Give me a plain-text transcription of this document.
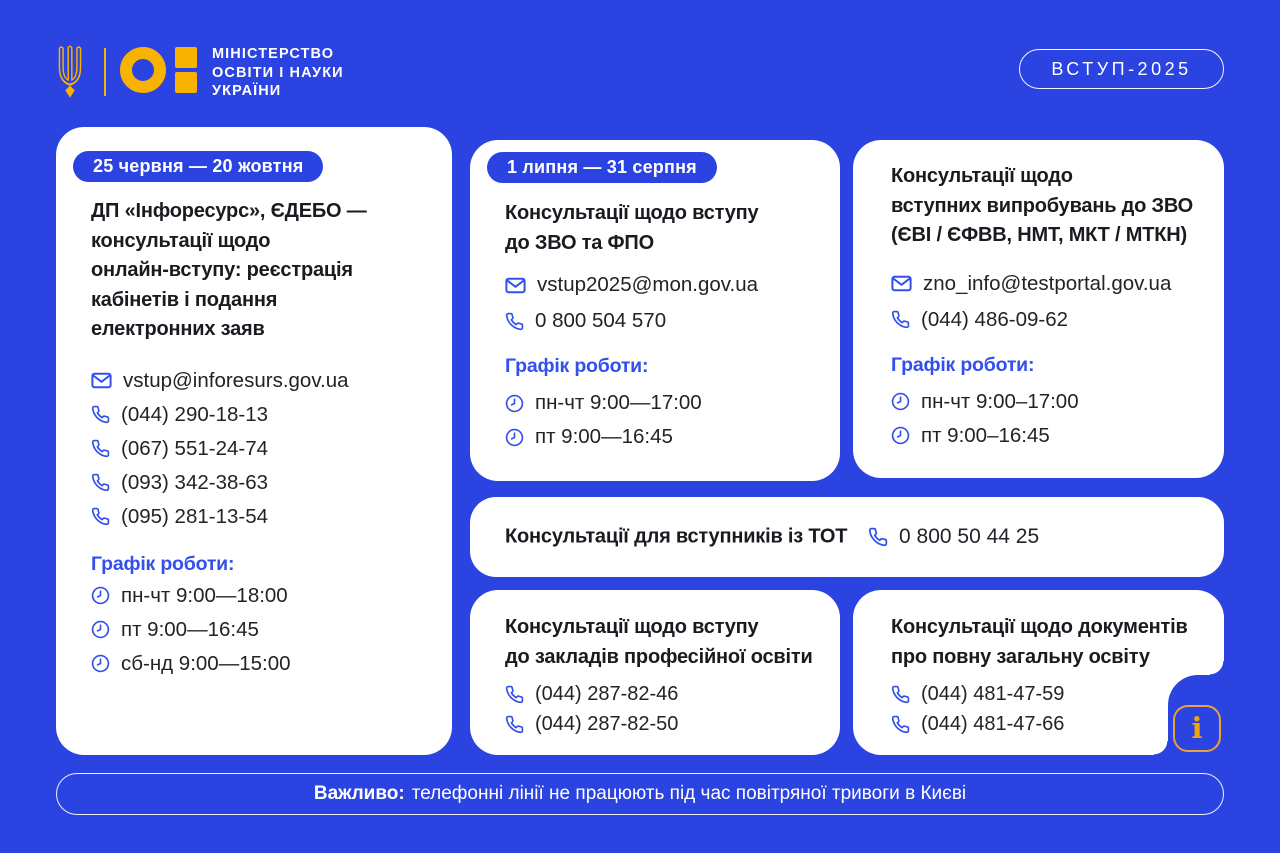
МІНІСТЕРСТВО
ОСВІТИ І НАУКИ
УКРАЇНИ
ВСТУП-2025
25 червня — 20 жовтня
ДП «Інфоресурс», ЄДЕБО —
консультації щодо
онлайн-вступу: реєстрація
кабінетів і подання
електронних заяв
vstup@inforesurs.gov.ua
(044) 290-18-13
(067) 551-24-74
(093) 342-38-63
(095) 281-13-54
Графік роботи:
пн-чт 9:00—18:00
пт 9:00—16:45
сб-нд 9:00—15:00
1 липня — 31 серпня
Консультації щодо вступу
до ЗВО та ФПО
vstup2025@mon.gov.ua
0 800 504 570
Графік роботи:
пн-чт 9:00—17:00
пт 9:00—16:45
Консультації щодо
вступних випробувань до ЗВО
(ЄВІ / ЄФВВ, НМТ, МКТ / МТКН)
zno_info@testportal.gov.ua
(044) 486-09-62
Графік роботи:
пн-чт 9:00–17:00
пт 9:00–16:45
Консультації для вступників із ТОТ 0 800 50 44 25
Консультації щодо вступу
до закладів професійної освіти
(044) 287-82-46
(044) 287-82-50
Консультації щодо документів
про повну загальну освіту
(044) 481-47-59
(044) 481-47-66	i
Важливо: телефонні лінії не працюють під час повітряної тривоги в Києві
